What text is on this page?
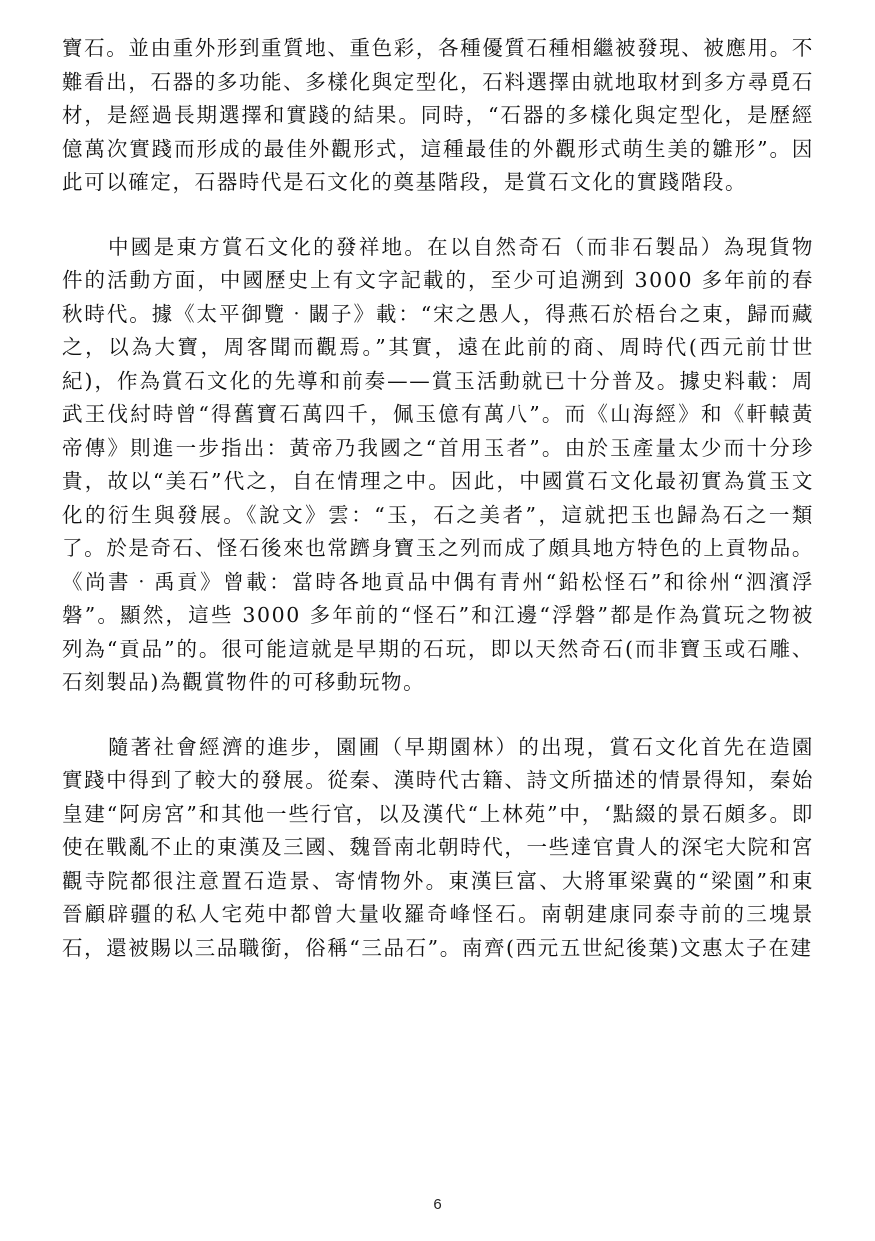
寶石。並由重外形到重質地、重色彩，各種優質石種相繼被發現、被應用。不難看出，石器的多功能、多樣化與定型化，石料選擇由就地取材到多方尋覓石材，是經過長期選擇和實踐的結果。同時，“石器的多樣化與定型化，是歷經億萬次實踐而形成的最佳外觀形式，這種最佳的外觀形式萌生美的雛形”。因此可以確定，石器時代是石文化的奠基階段，是賞石文化的實踐階段。

中國是東方賞石文化的發祥地。在以自然奇石（而非石製品）為現貨物件的活動方面，中國歷史上有文字記載的，至少可追溯到 3000 多年前的春秋時代。據《太平御覽‧闞子》載：“宋之愚人，得燕石於梧台之東，歸而藏之，以為大寶，周客聞而觀焉。”其實，遠在此前的商、周時代(西元前廿世紀)，作為賞石文化的先導和前奏——賞玉活動就已十分普及。據史料載：周武王伐紂時曾“得舊寶石萬四千，佩玉億有萬八”。而《山海經》和《軒轅黃帝傳》則進一步指出：黃帝乃我國之“首用玉者”。由於玉產量太少而十分珍貴，故以“美石”代之，自在情理之中。因此，中國賞石文化最初實為賞玉文化的衍生與發展。《說文》雲：“玉，石之美者”，這就把玉也歸為石之一類了。於是奇石、怪石後來也常躋身寶玉之列而成了頗具地方特色的上貢物品。《尚書‧禹貢》曾載：當時各地貢品中偶有青州“鉛松怪石”和徐州“泗濱浮磐”。顯然，這些 3000 多年前的“怪石”和江邊“浮磐”都是作為賞玩之物被列為“貢品”的。很可能這就是早期的石玩，即以天然奇石(而非寶玉或石雕、石刻製品)為觀賞物件的可移動玩物。

隨著社會經濟的進步，園圃（早期園林）的出現，賞石文化首先在造園實踐中得到了較大的發展。從秦、漢時代古籍、詩文所描述的情景得知，秦始皇建“阿房宮”和其他一些行官，以及漢代“上林苑”中，‘點綴的景石頗多。即使在戰亂不止的東漢及三國、魏晉南北朝時代，一些達官貴人的深宅大院和宮觀寺院都很注意置石造景、寄情物外。東漢巨富、大將軍梁冀的“梁園”和東晉顧辟疆的私人宅苑中都曾大量收羅奇峰怪石。南朝建康同泰寺前的三塊景石，還被賜以三品職銜，俗稱“三品石”。南齊(西元五世紀後葉)文惠太子在建

6
